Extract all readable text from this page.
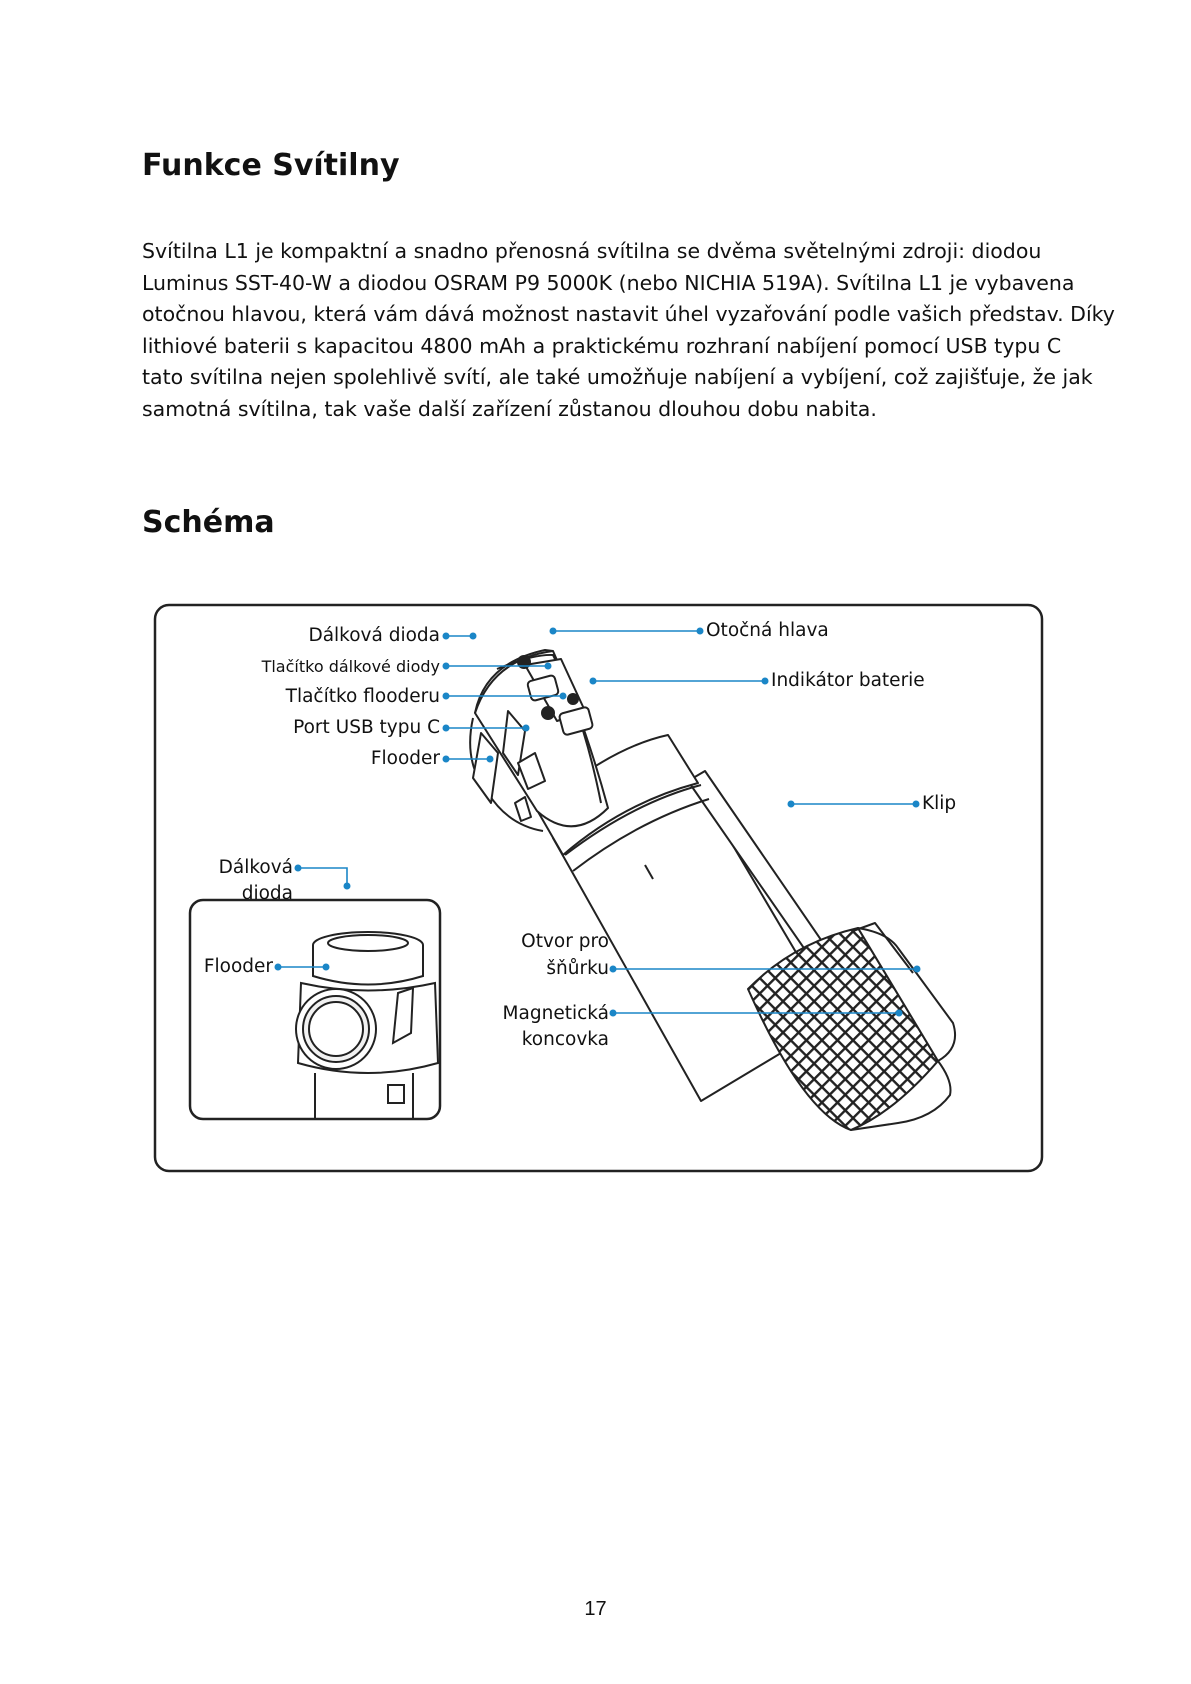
Funkce Svítilny
Svítilna L1 je kompaktní a snadno přenosná svítilna se dvěma světelnými zdroji: diodou
Luminus SST-40-W a diodou OSRAM P9 5000K (nebo NICHIA 519A). Svítilna L1 je vybavena
otočnou hlavou, která vám dává možnost nastavit úhel vyzařování podle vašich představ. Díky
lithiové baterii s kapacitou 4800 mAh a praktickému rozhraní nabíjení pomocí USB typu C
tato svítilna nejen spolehlivě svítí, ale také umožňuje nabíjení a vybíjení, což zajišťuje, že jak
samotná svítilna, tak vaše další zařízení zůstanou dlouhou dobu nabita.
Schéma
Dálková dioda
Tlačítko dálkové diody
Tlačítko flooderu
Port USB typu C
Flooder
Otočná hlava
Indikátor baterie
Klip
Dálková
dioda
Flooder
Otvor pro
šňůrku
Magnetická
koncovka
17
